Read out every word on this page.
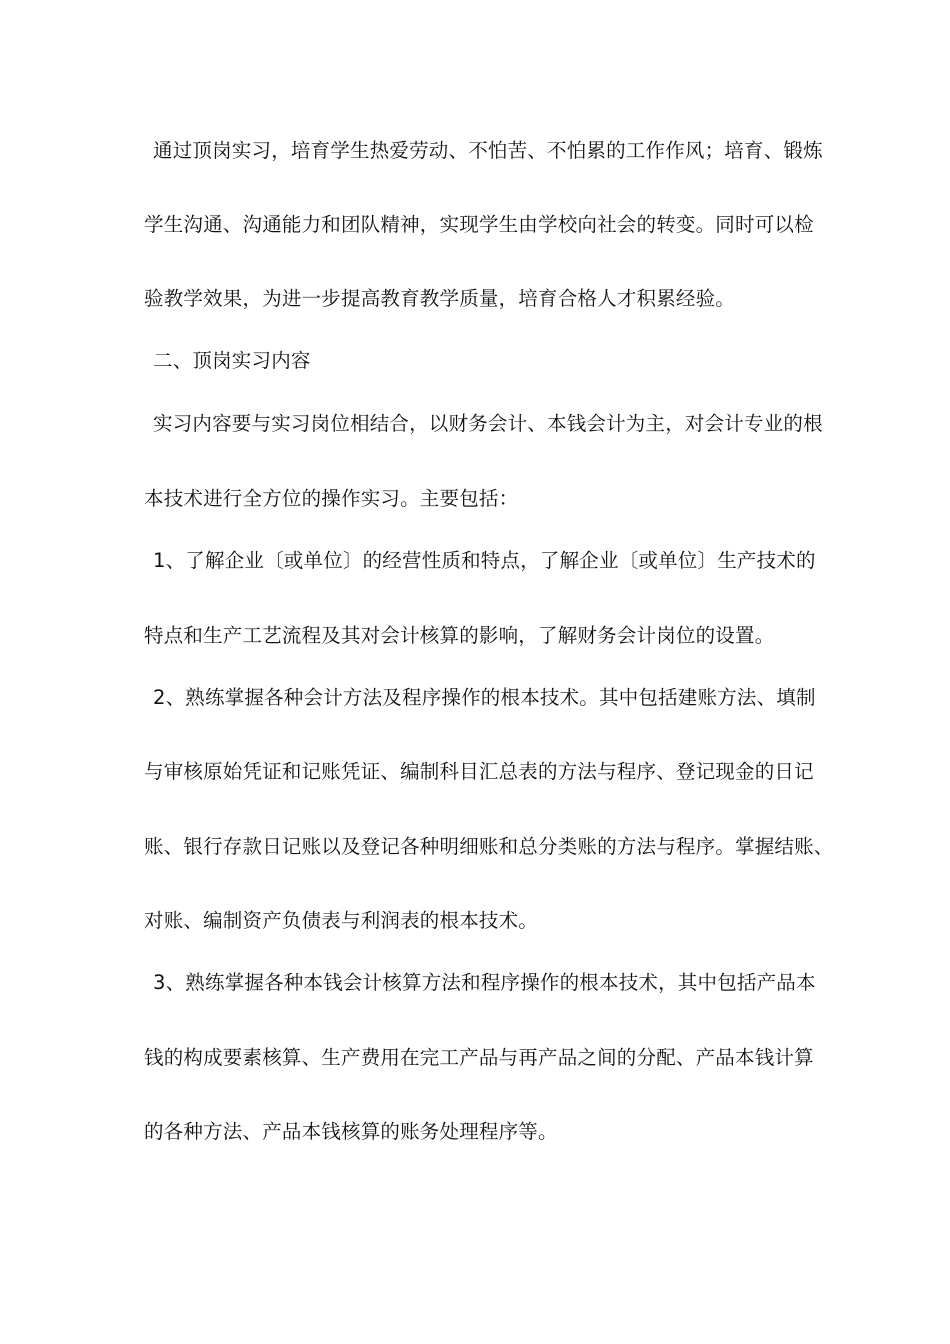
通过顶岗实习，培育学生热爱劳动、不怕苦、不怕累的工作作风；培育、锻炼
学生沟通、沟通能力和团队精神，实现学生由学校向社会的转变。同时可以检
验教学效果，为进一步提高教育教学质量，培育合格人才积累经验。
二、顶岗实习内容
实习内容要与实习岗位相结合，以财务会计、本钱会计为主，对会计专业的根
本技术进行全方位的操作实习。主要包括：
1、了解企业〔或单位〕的经营性质和特点，了解企业〔或单位〕生产技术的
特点和生产工艺流程及其对会计核算的影响，了解财务会计岗位的设置。
2、熟练掌握各种会计方法及程序操作的根本技术。其中包括建账方法、填制
与审核原始凭证和记账凭证、编制科目汇总表的方法与程序、登记现金的日记
账、银行存款日记账以及登记各种明细账和总分类账的方法与程序。掌握结账、
对账、编制资产负债表与利润表的根本技术。
3、熟练掌握各种本钱会计核算方法和程序操作的根本技术，其中包括产品本
钱的构成要素核算、生产费用在完工产品与再产品之间的分配、产品本钱计算
的各种方法、产品本钱核算的账务处理程序等。
